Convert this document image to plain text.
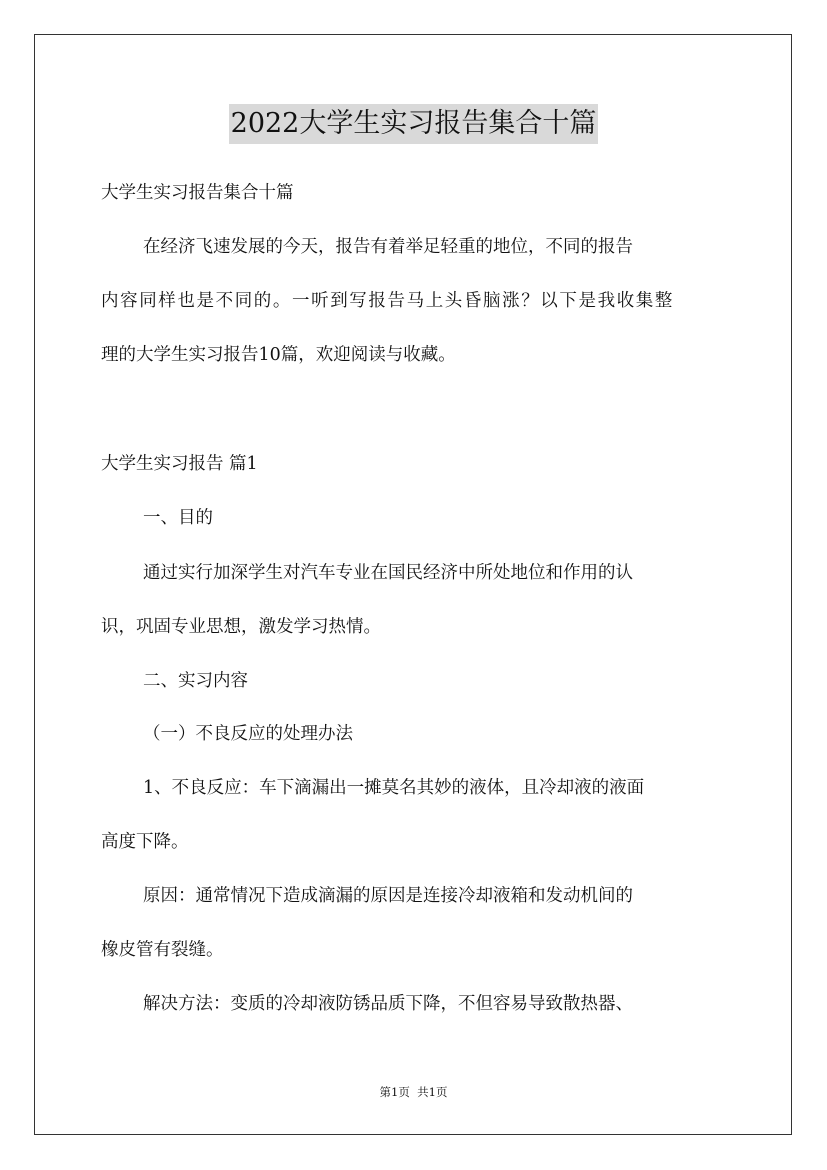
2022大学生实习报告集合十篇

大学生实习报告集合十篇

在经济飞速发展的今天，报告有着举足轻重的地位，不同的报告

内容同样也是不同的。一听到写报告马上头昏脑涨？以下是我收集整

理的大学生实习报告10篇，欢迎阅读与收藏。

大学生实习报告 篇1

一、目的

通过实行加深学生对汽车专业在国民经济中所处地位和作用的认

识，巩固专业思想，激发学习热情。

二、实习内容

（一）不良反应的处理办法

1、不良反应：车下滴漏出一摊莫名其妙的液体，且冷却液的液面

高度下降。

原因：通常情况下造成滴漏的原因是连接冷却液箱和发动机间的

橡皮管有裂缝。

解决方法：变质的冷却液防锈品质下降，不但容易导致散热器、

第1页  共1页
